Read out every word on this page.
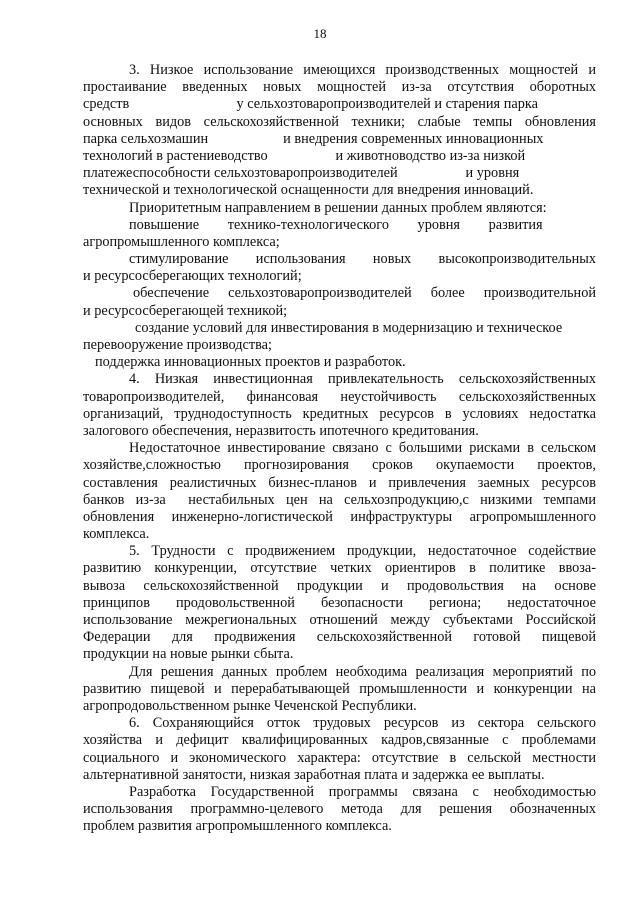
18
3. Низкое использование имеющихся производственных мощностей и
простаивание введенных новых мощностей из-за отсутствия оборотных
средств                              у сельхозтоваропроизводителей и старения парка
основных видов сельскохозяйственной техники; слабые темпы обновления
парка сельхозмашин                     и внедрения современных инновационных
технологий в растениеводство                   и животноводство из-за низкой
платежеспособности сельхозтоваропроизводителей                   и уровня
технической и технологической оснащенности для внедрения инноваций.
Приоритетным направлением в решении данных проблем являются:
повышение        технико-технологического        уровня        развития
агропромышленного комплекса;
стимулирование   использования   новых   высокопроизводительных
и ресурсосберегающих технологий;
обеспечение  сельхозтоваропроизводителей  более  производительной
и ресурсосберегающей техникой;
создание условий для инвестирования в модернизацию и техническое
перевооружение производства;
поддержка инновационных проектов и разработок.
4.  Низкая  инвестиционная  привлекательность  сельскохозяйственных
товаропроизводителей, финансовая неустойчивость сельскохозяйственных
организаций, труднодоступность кредитных ресурсов в условиях недостатка
залогового обеспечения, неразвитость ипотечного кредитования.
Недостаточное инвестирование связано с большими рисками в сельском
хозяйстве,сложностью   прогнозирования   сроков   окупаемости   проектов,
составления реалистичных бизнес-планов и привлечения заемных ресурсов
банков из-за  нестабильных цен на сельхозпродукцию,с низкими темпами
обновления инженерно-логистической инфраструктуры агропромышленного
комплекса.
5. Трудности с продвижением продукции, недостаточное содействие
развитию конкуренции, отсутствие четких ориентиров в политике ввоза-
вывоза сельскохозяйственной продукции и продовольствия на основе
принципов   продовольственной   безопасности   региона;   недостаточное
использование межрегиональных отношений между субъектами Российской
Федерации  для  продвижения  сельскохозяйственной  готовой  пищевой
продукции на новые рынки сбыта.
Для решения данных проблем необходима реализация мероприятий по
развитию пищевой и перерабатывающей промышленности и конкуренции на
агропродовольственном рынке Чеченской Республики.
6. Сохраняющийся отток трудовых ресурсов из сектора сельского
хозяйства и дефицит квалифицированных кадров,связанные с проблемами
социального и экономического характера: отсутствие в сельской местности
альтернативной занятости, низкая заработная плата и задержка ее выплаты.
Разработка Государственной программы связана с необходимостью
использования программно-целевого метода для решения обозначенных
проблем развития агропромышленного комплекса.
